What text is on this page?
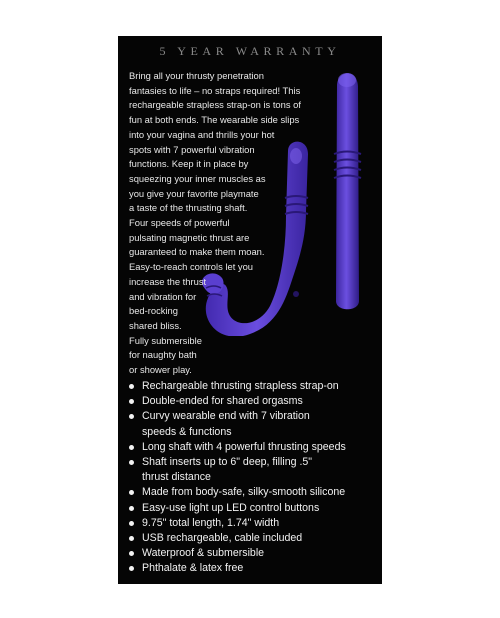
5 YEAR WARRANTY
Bring all your thrusty penetration
fantasies to life – no straps required! This
rechargeable strapless strap-on is tons of
fun at both ends. The wearable side slips
into your vagina and thrills your hot
spots with 7 powerful vibration
functions. Keep it in place by
squeezing your inner muscles as
you give your favorite playmate
a taste of the thrusting shaft.
Four speeds of powerful
pulsating magnetic thrust are
guaranteed to make them moan.
Easy-to-reach controls let you
increase the thrust
and vibration for
bed-rocking
shared bliss.
Fully submersible
for naughty bath
or shower play.
Rechargeable thrusting strapless strap-on
Double-ended for shared orgasms
Curvy wearable end with 7 vibration
speeds & functions
Long shaft with 4 powerful thrusting speeds
Shaft inserts up to 6" deep, filling .5"
thrust distance
Made from body-safe, silky-smooth silicone
Easy-use light up LED control buttons
9.75" total length, 1.74" width
USB rechargeable, cable included
Waterproof & submersible
Phthalate & latex free
